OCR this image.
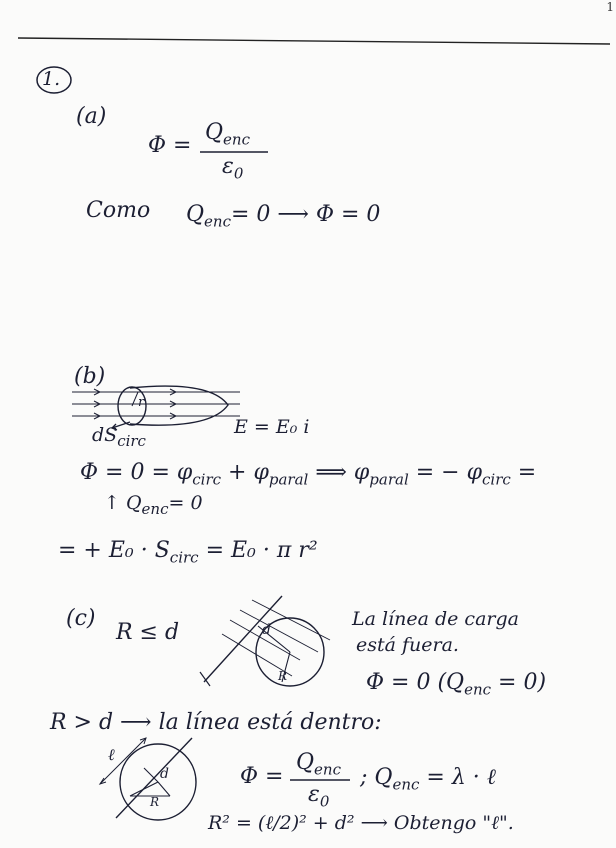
1
1.
(a)
Φ =
$Q_{enc}$
$\varepsilon_0$
Como $Q_{enc}= 0$ ⟶ Φ = 0
(b)
r
$dS_{circ}$
E = E₀ i
$\Phi = 0 = \varphi_{circ} + \varphi_{paral}$ ⟹ $\varphi_{paral}$ = − $\varphi_{circ}$ =
↑ $Q_{enc}= 0$
= + $E_0 \cdot S_{circ} = E_0 \cdot \pi$ r²
(c)
R ≤ d	d
R
La línea de carga
está fuera.
Φ = 0 $(Q_{enc} = 0)$
R > d ⟶ la línea está dentro:
ℓ
d
R
Φ =
$Q_{enc}$
$\varepsilon_0$
; $Q_{enc} = \lambda$ · ℓ
R² = (ℓ/2)² + d² ⟶ Obtengo "ℓ".
